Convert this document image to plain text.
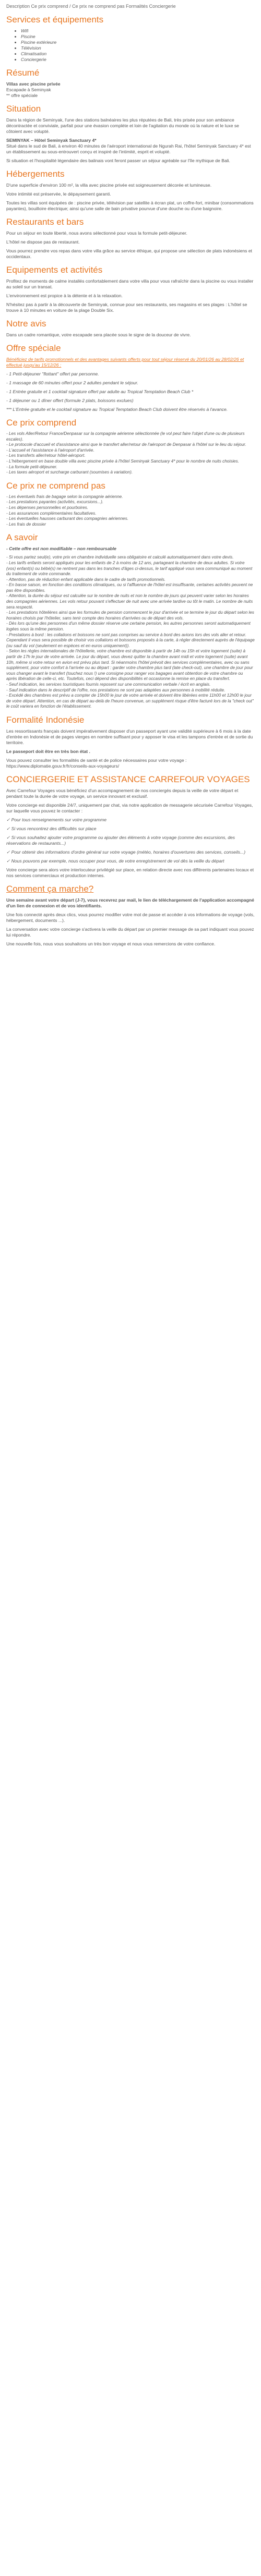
Description Ce prix comprend / Ce prix ne comprend pas Formalités Conciergerie

Services et équipements
• Wifi
• Piscine
• Piscine extérieure
• Télévision
• Climatisation
• Conciergerie
Résumé

Villas avec piscine privée

Escapade à Seminyak

** offre spéciale

Situation

Dans la région de Seminyak, l'une des stations balnéaires les plus réputées de Bali, très prisée pour son ambiance décontractée et conviviale, parfait pour une évasion complète et loin de l'agitation du monde où la nature et le luxe se côtoient avec volupté.

SEMINYAK – Hôtel Seminyak Sanctuary 4*

Situé dans le sud de Bali, à environ 40 minutes de l'aéroport international de Ngurah Rai, l'hôtel Seminyak Sanctuary 4* est un établissement au sous-entrouvert conçu et inspiré de l'intimité, esprit et volupté.

Si situation et l'hospitalité légendaire des balinais vont feront passer un séjour agréable sur l'île mythique de Bali.

Hébergements

D'une superficie d'environ 100 m², la villa avec piscine privée est soigneusement décorée et lumineuse.

Votre intimité est préservée, le dépaysement garanti.

Toutes les villas sont équipées de : piscine privée, télévision par satellite à écran plat, un coffre-fort, minibar (consommations payantes), bouilloire électrique; ainsi qu'une salle de bain privative pourvue d'une douche ou d'une baignoire.

Restaurants et bars

Pour un séjour en toute liberté, nous avons sélectionné pour vous la formule petit-déjeuner.

L'hôtel ne dispose pas de restaurant.

Vous pourrez prendre vos repas dans votre villa grâce au service éthique, qui propose une sélection de plats indonésiens et occidentaux.

Equipements et activités

Profitez de moments de calme installés confortablement dans votre villa pour vous rafraîchir dans la piscine ou vous installer au soleil sur un transat.

L'environnement est propice à la détente et à la relaxation.

N'hésitez pas à partir à la découverte de Seminyak, connue pour ses restaurants, ses magasins et ses plages : L'hôtel se trouve à 10 minutes en voiture de la plage Double Six.

Notre avis

Dans un cadre romantique, votre escapade sera placée sous le signe de la douceur de vivre.

Offre spéciale

Bénéficiez de tarifs promotionnels et des avantages suivants offerts pour tout séjour réservé du 20/01/26 au 28/02/26 et effectué jusqu'au 15/12/26 :

- 1 Petit-déjeuner "flottant" offert par personne.

- 1 massage de 60 minutes offert pour 2 adultes pendant le séjour.

- 1 Entrée gratuite et 1 cocktail signature offert par adulte au Tropical Temptation Beach Club *

- 1 déjeuner ou 1 dîner offert (formule 2 plats, boissons exclues)

*** L'Entrée gratuite et le cocktail signature au Tropical Temptation Beach Club doivent être réservés à l'avance.

Ce prix comprend

- Les vols Aller/Retour France/Denpasar sur la compagnie aérienne sélectionnée (le vol peut faire l'objet d'une ou de plusieurs escales).

- Le protocole d'accueil et d'assistance ainsi que le transfert aller/retour de l'aéroport de Denpasar à l'hôtel sur le lieu du séjour.

- L'accueil et l'assistance à l'aéroport d'arrivée.

- Les transferts aller/retour hôtel-aéroport.

- L'hébergement en base double villa avec piscine privée à l'hôtel Seminyak Sanctuary 4* pour le nombre de nuits choisies.

- La formule petit-déjeuner.

- Les taxes aéroport et surcharge carburant (soumises à variation).

Ce prix ne comprend pas

- Les éventuels frais de bagage selon la compagnie aérienne.

- Les prestations payantes (activités, excursions...).

- Les dépenses personnelles et pourboires.

- Les assurances complémentaires facultatives.

- Les éventuelles hausses carburant des compagnies aériennes.

- Les frais de dossier

A savoir

- Cette offre est non modifiable – non remboursable

- Si vous partez seul(e), votre prix en chambre individuelle sera obligatoire et calculé automatiquement dans votre devis.

- Les tarifs enfants seront appliqués pour les enfants de 2 à moins de 12 ans, partageant la chambre de deux adultes. Si votre (vos) enfant(s) ou bébé(s) ne rentrent pas dans les tranches d'âges ci-dessus, le tarif appliqué vous sera communiqué au moment du traitement de votre commande.

- Attention, pas de réduction enfant applicable dans le cadre de tarifs promotionnels.

- En basse saison, en fonction des conditions climatiques, ou si l'affluence de l'hôtel est insuffisante, certaines activités peuvent ne pas être disponibles.

- Attention, la durée du séjour est calculée sur le nombre de nuits et non le nombre de jours qui peuvent varier selon les horaires des compagnies aériennes. Les vols retour pouvant s'effectuer de nuit avec une arrivée tardive ou tôt le matin. Le nombre de nuits sera respecté.

- Les prestations hôtelières ainsi que les formules de pension commencent le jour d'arrivée et se termine le jour du départ selon les horaires choisis par l'hôtelier, sans tenir compte des horaires d'arrivées ou de départ des vols.

- Dès lors qu'une des personnes d'un même dossier réserve une certaine pension, les autres personnes seront automatiquement logées sous la même pension.

- Prestations à bord : les collations et boissons ne sont pas comprises au service à bord des avions lors des vols aller et retour. Cependant il vous sera possible de choisir vos collations et boissons proposés à la carte, à régler directement auprès de l'équipage (ou sauf du vol (seulement en espèces et en euros uniquement)).

- Selon les règles internationales de l'hôtellerie, votre chambre est disponible à partir de 14h ou 15h et votre logement (suite) à partir de 17h le jour de votre arrivée. Le jour du départ, vous devez quitter la chambre avant midi et votre logement (suite) avant 10h, même si votre retour en avion est prévu plus tard. Si néanmoins l'hôtel prévoit des services complémentaires, avec ou sans supplément, pour votre confort à l'arrivée ou au départ : garder votre chambre plus tard (late check-out), une chambre de jour pour vous changer avant le transfert (touchez nous !) une consigne pour ranger vos bagages avant obtention de votre chambre ou après libération de celle-ci, etc. Toutefois, ceci dépend des disponibilités et occasionne la remise en place du transfert.

- Seuf indication, les services touristiques fournis reposent sur une communication verbale / écrit en anglais.

- Sauf indication dans le descriptif de l'offre, nos prestations ne sont pas adaptées aux personnes à mobilité réduite.

- Excédé des chambres est prévu a compter de 15h00 le jour de votre arrivée et doivent être libérées entre 11h00 et 12h00 le jour de votre départ. Attention, en cas de départ au-delà de l'heure convenue, un supplément risque d'être facturé lors de la "check out" le coût variera en fonction de l'établissement.

Formalité Indonésie

Les ressortissants français doivent impérativement disposer d'un passeport ayant une validité supérieure à 6 mois à la date d'entrée en Indonésie et de pages vierges en nombre suffisant pour y apposer le visa et les tampons d'entrée et de sortie du territoire.

Le passeport doit être en très bon état .

Vous pouvez consulter les formalités de santé et de police nécessaires pour votre voyage : https://www.diplomatie.gouv.fr/fr/conseils-aux-voyageurs/

CONCIERGERIE ET ASSISTANCE CARREFOUR VOYAGES

Avec Carrefour Voyages vous bénéficiez d'un accompagnement de nos conciergés depuis la veille de votre départ et pendant toute la durée de votre voyage, un service innovant et exclusif.

Votre concierge est disponible 24/7, uniquement par chat, via notre application de messagerie sécurisée Carrefour Voyages, sur laquelle vous pouvez le contacter :

✓ Pour tous renseignements sur votre programme

✓ Si vous rencontrez des difficultés sur place

✓ Si vous souhaitez ajouter votre programme ou ajouter des éléments à votre voyage (comme des excursions, des réservations de restaurants...)

✓ Pour obtenir des informations d'ordre général sur votre voyage (météo, horaires d'ouvertures des services, conseils...)

✓ Nous pouvons par exemple, nous occuper pour vous, de votre enregistrement de vol dès la veille du départ

Votre concierge sera alors votre interlocuteur privilégié sur place, en relation directe avec nos différents partenaires locaux et nos services commerciaux et production internes.

Comment ça marche?

Une semaine avant votre départ (J-7), vous recevrez par mail, le lien de téléchargement de l'application accompagné d'un lien de connexion et de vos identifiants.

Une fois connecté après deux clics, vous pourrez modifier votre mot de passe et accéder à vos informations de voyage (vols, hébergement, documents ...).

La conversation avec votre concierge s'activera la veille du départ par un premier message de sa part indiquant vous pouvez lui répondre.

Une nouvelle fois, nous vous souhaitons un très bon voyage et nous vous remercions de votre confiance.
